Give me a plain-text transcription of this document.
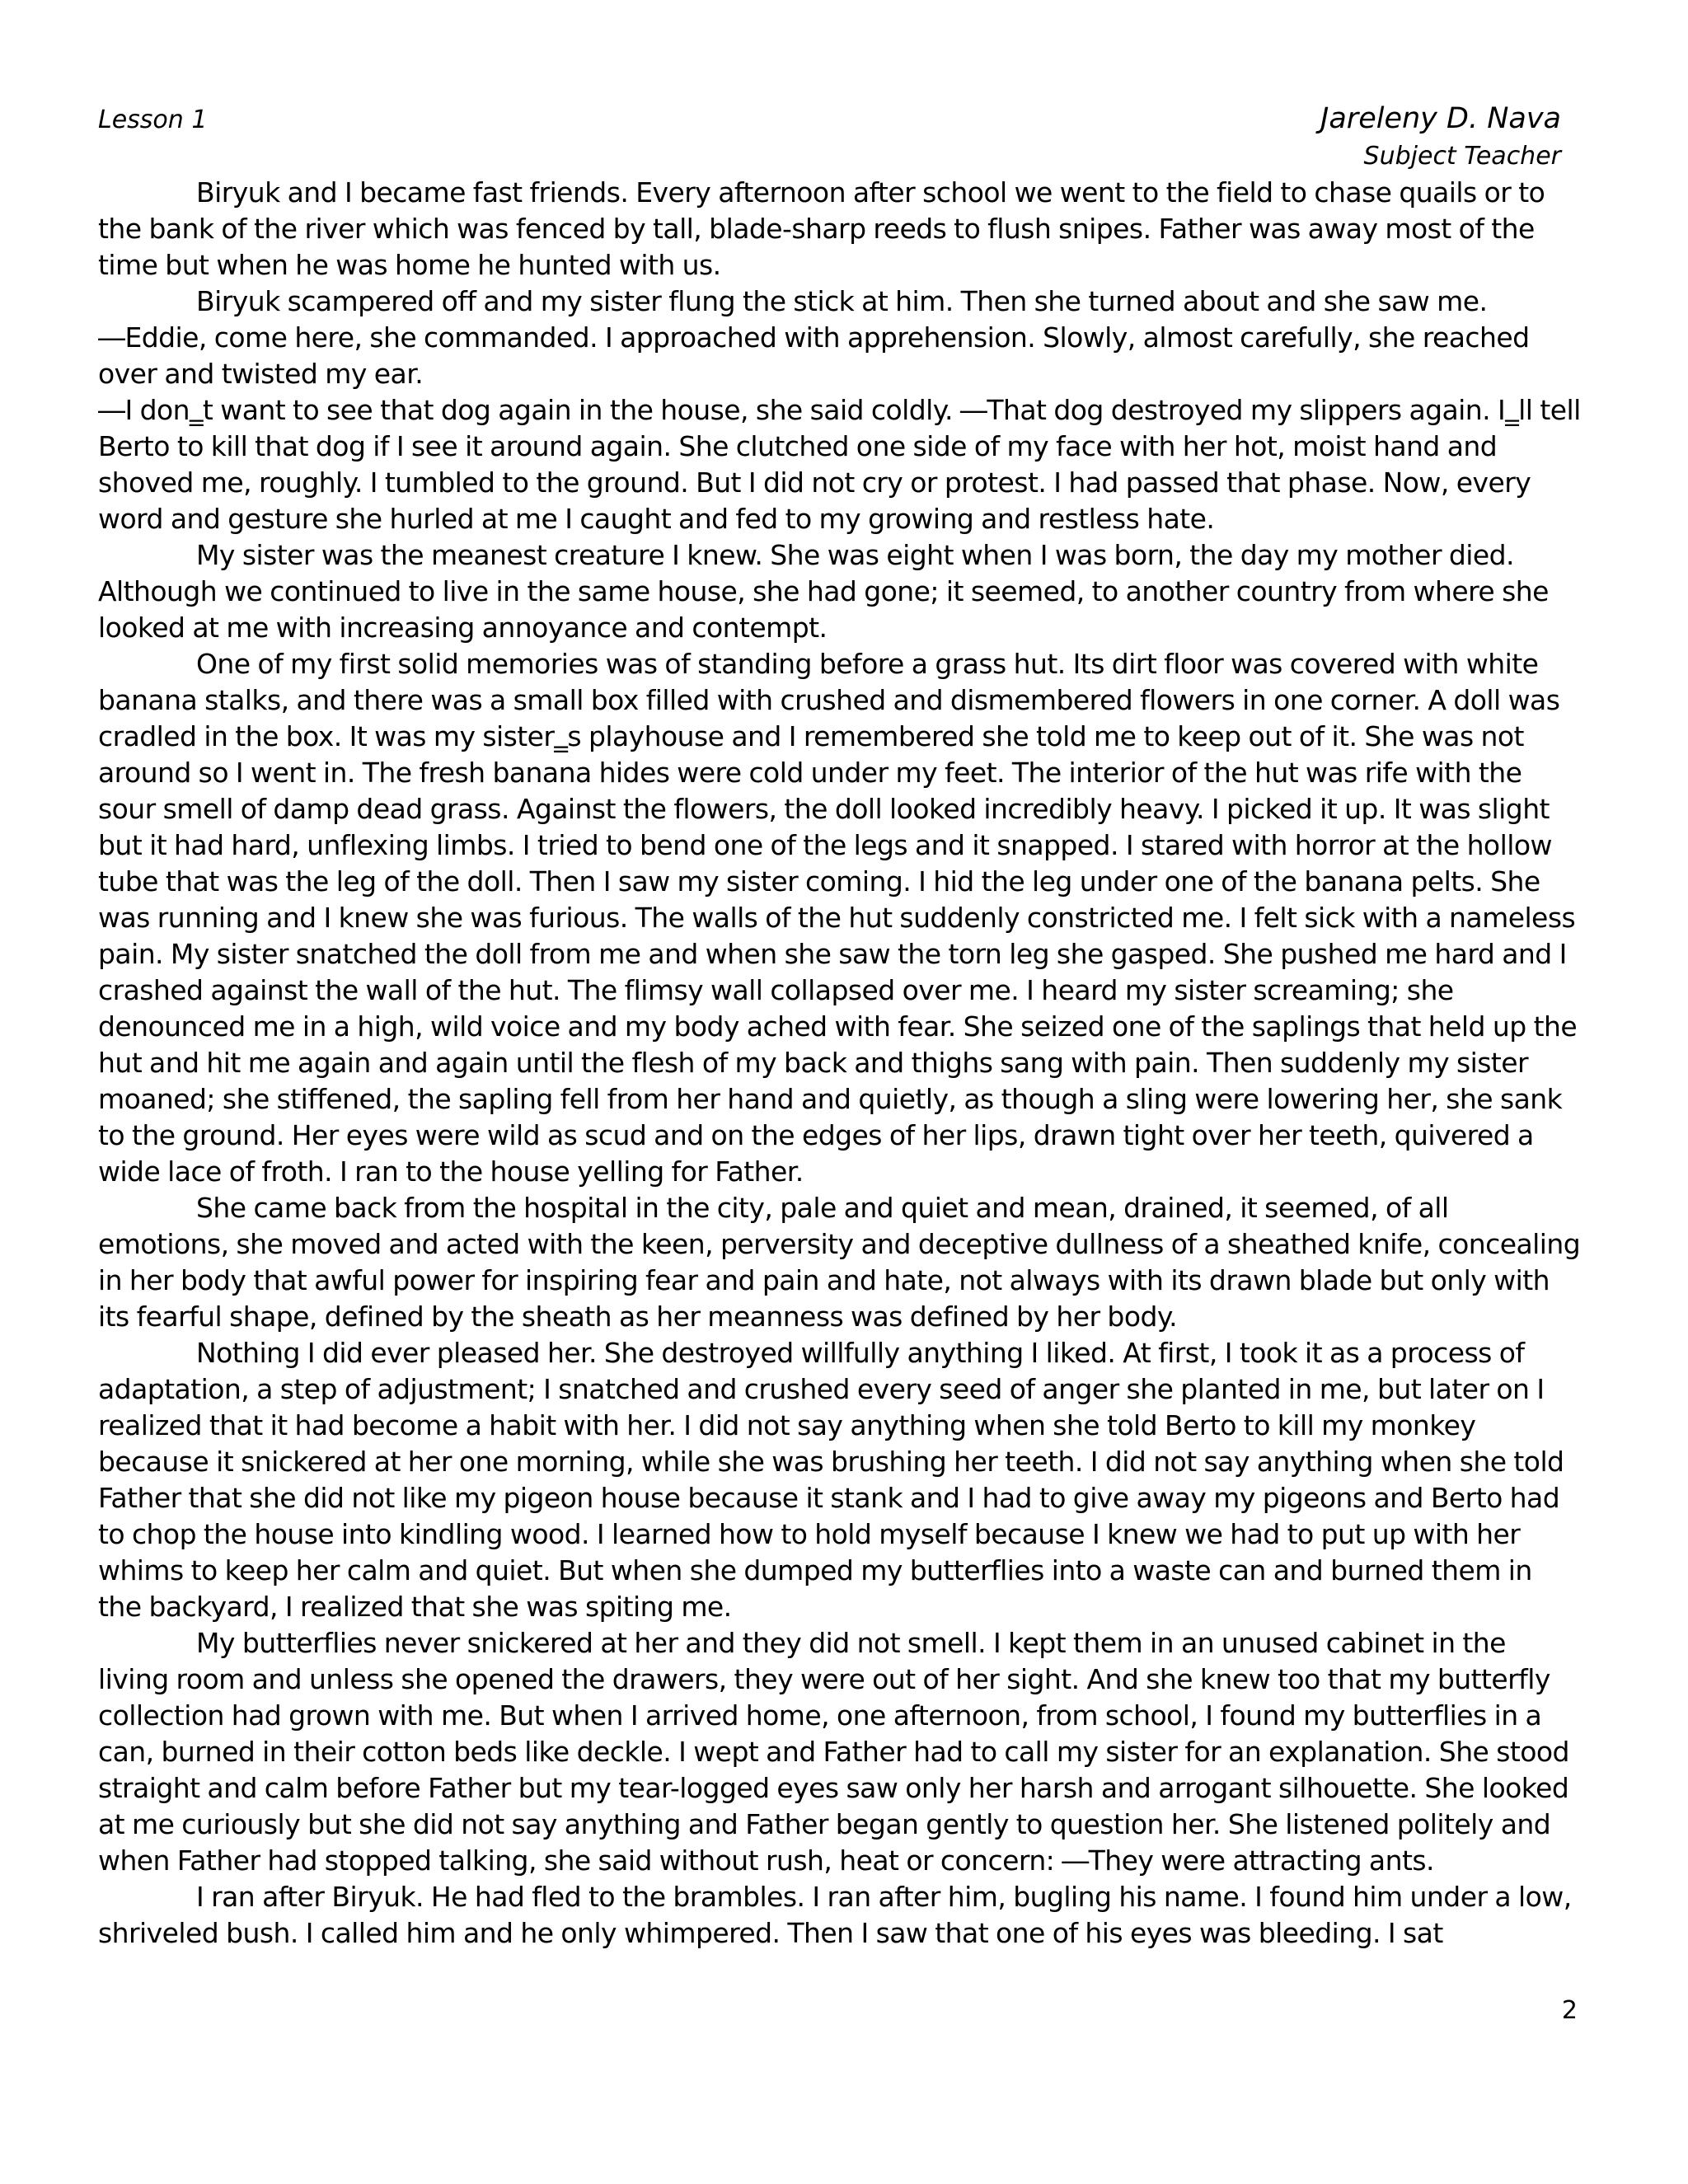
Lesson 1	Jareleny D. Nava
Subject Teacher

Biryuk and I became fast friends. Every afternoon after school we went to the field to chase quails or to the bank of the river which was fenced by tall, blade-sharp reeds to flush snipes. Father was away most of the time but when he was home he hunted with us.

Biryuk scampered off and my sister flung the stick at him. Then she turned about and she saw me. ―Eddie, come here, she commanded. I approached with apprehension. Slowly, almost carefully, she reached over and twisted my ear.

―I don‗t want to see that dog again in the house, she said coldly. ―That dog destroyed my slippers again. I‗ll tell Berto to kill that dog if I see it around again. She clutched one side of my face with her hot, moist hand and shoved me, roughly. I tumbled to the ground. But I did not cry or protest. I had passed that phase. Now, every word and gesture she hurled at me I caught and fed to my growing and restless hate.

My sister was the meanest creature I knew. She was eight when I was born, the day my mother died. Although we continued to live in the same house, she had gone; it seemed, to another country from where she looked at me with increasing annoyance and contempt.

One of my first solid memories was of standing before a grass hut. Its dirt floor was covered with white banana stalks, and there was a small box filled with crushed and dismembered flowers in one corner. A doll was cradled in the box. It was my sister‗s playhouse and I remembered she told me to keep out of it. She was not around so I went in. The fresh banana hides were cold under my feet. The interior of the hut was rife with the sour smell of damp dead grass. Against the flowers, the doll looked incredibly heavy. I picked it up. It was slight but it had hard, unflexing limbs. I tried to bend one of the legs and it snapped. I stared with horror at the hollow tube that was the leg of the doll. Then I saw my sister coming. I hid the leg under one of the banana pelts. She was running and I knew she was furious. The walls of the hut suddenly constricted me. I felt sick with a nameless pain. My sister snatched the doll from me and when she saw the torn leg she gasped. She pushed me hard and I crashed against the wall of the hut. The flimsy wall collapsed over me. I heard my sister screaming; she denounced me in a high, wild voice and my body ached with fear. She seized one of the saplings that held up the hut and hit me again and again until the flesh of my back and thighs sang with pain. Then suddenly my sister moaned; she stiffened, the sapling fell from her hand and quietly, as though a sling were lowering her, she sank to the ground. Her eyes were wild as scud and on the edges of her lips, drawn tight over her teeth, quivered a wide lace of froth. I ran to the house yelling for Father.

She came back from the hospital in the city, pale and quiet and mean, drained, it seemed, of all emotions, she moved and acted with the keen, perversity and deceptive dullness of a sheathed knife, concealing in her body that awful power for inspiring fear and pain and hate, not always with its drawn blade but only with its fearful shape, defined by the sheath as her meanness was defined by her body.

Nothing I did ever pleased her. She destroyed willfully anything I liked. At first, I took it as a process of adaptation, a step of adjustment; I snatched and crushed every seed of anger she planted in me, but later on I realized that it had become a habit with her. I did not say anything when she told Berto to kill my monkey because it snickered at her one morning, while she was brushing her teeth. I did not say anything when she told Father that she did not like my pigeon house because it stank and I had to give away my pigeons and Berto had to chop the house into kindling wood. I learned how to hold myself because I knew we had to put up with her whims to keep her calm and quiet. But when she dumped my butterflies into a waste can and burned them in the backyard, I realized that she was spiting me.

My butterflies never snickered at her and they did not smell. I kept them in an unused cabinet in the living room and unless she opened the drawers, they were out of her sight. And she knew too that my butterfly collection had grown with me. But when I arrived home, one afternoon, from school, I found my butterflies in a can, burned in their cotton beds like deckle. I wept and Father had to call my sister for an explanation. She stood straight and calm before Father but my tear-logged eyes saw only her harsh and arrogant silhouette. She looked at me curiously but she did not say anything and Father began gently to question her. She listened politely and when Father had stopped talking, she said without rush, heat or concern: ―They were attracting ants.

I ran after Biryuk. He had fled to the brambles. I ran after him, bugling his name. I found him under a low, shriveled bush. I called him and he only whimpered. Then I saw that one of his eyes was bleeding. I sat

2
